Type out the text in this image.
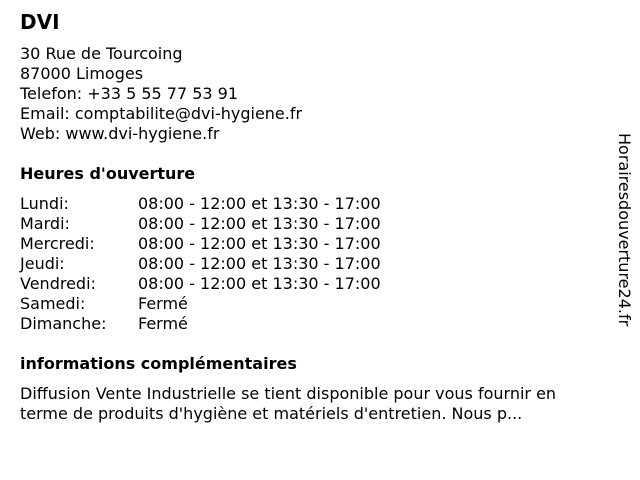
DVI
30 Rue de Tourcoing
87000 Limoges
Telefon: +33 5 55 77 53 91
Email: comptabilite@dvi-hygiene.fr
Web: www.dvi-hygiene.fr
Heures d'ouverture
Lundi:	08:00 - 12:00 et 13:30 - 17:00
Mardi:	08:00 - 12:00 et 13:30 - 17:00
Mercredi:	08:00 - 12:00 et 13:30 - 17:00
Jeudi:	08:00 - 12:00 et 13:30 - 17:00
Vendredi:	08:00 - 12:00 et 13:30 - 17:00
Samedi:	Fermé
Dimanche:	Fermé
informations complémentaires
Diffusion Vente Industrielle se tient disponible pour vous fournir en
terme de produits d'hygiène et matériels d'entretien. Nous p...
Horairesdouverture24.fr
